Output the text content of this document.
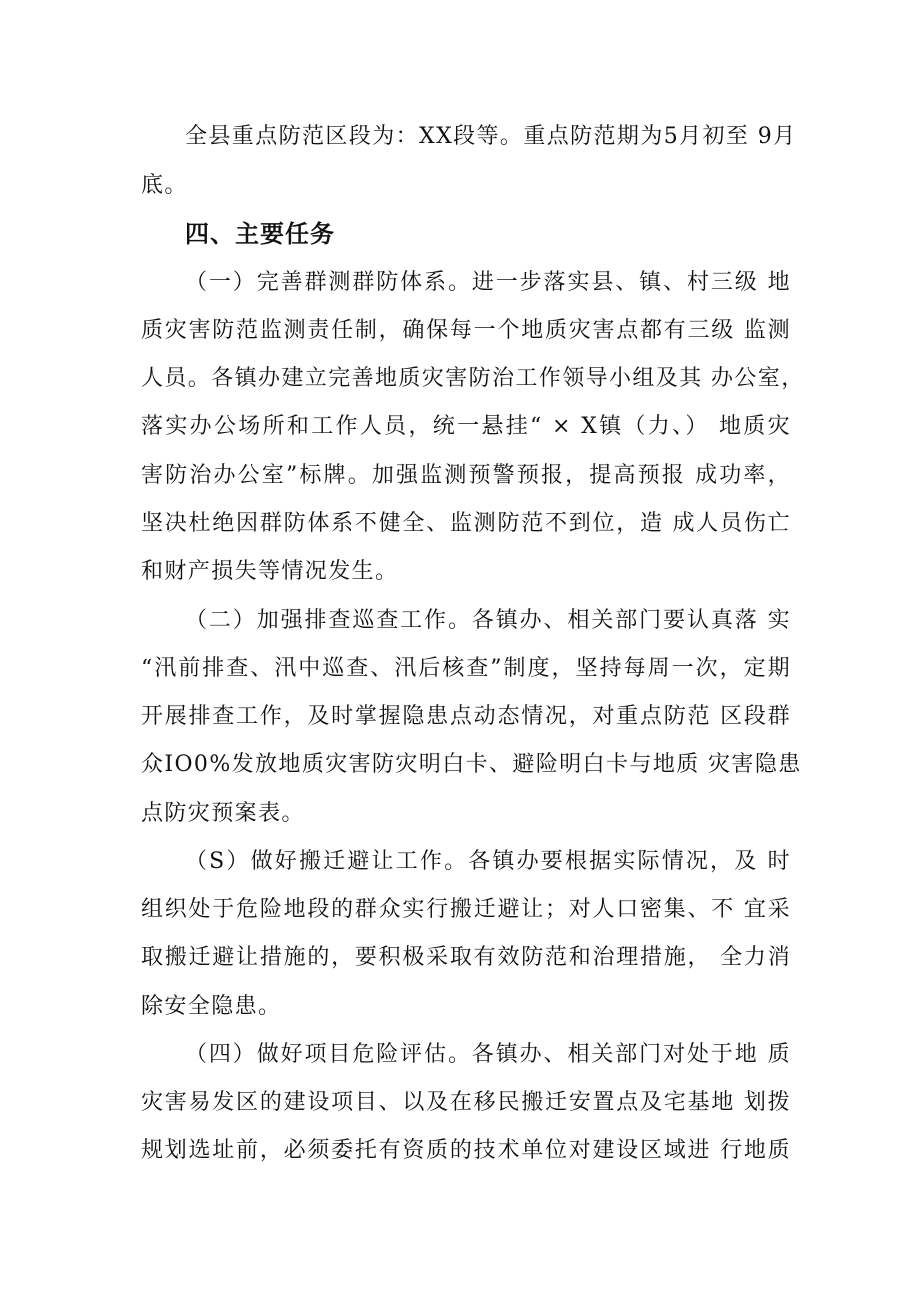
全县重点防范区段为：XX段等。重点防范期为5月初至 9月
底。
四、主要任务
（一）完善群测群防体系。进一步落实县、镇、村三级 地
质灾害防范监测责任制，确保每一个地质灾害点都有三级 监测
人员。各镇办建立完善地质灾害防治工作领导小组及其 办公室，
落实办公场所和工作人员，统一悬挂“ × X镇（力、） 地质灾
害防治办公室”标牌。加强监测预警预报，提高预报 成功率，
坚决杜绝因群防体系不健全、监测防范不到位，造 成人员伤亡
和财产损失等情况发生。
（二）加强排查巡查工作。各镇办、相关部门要认真落 实
“汛前排查、汛中巡查、汛后核查”制度，坚持每周一次，定期
开展排查工作，及时掌握隐患点动态情况，对重点防范 区段群
众IO0%发放地质灾害防灾明白卡、避险明白卡与地质 灾害隐患
点防灾预案表。
（S）做好搬迁避让工作。各镇办要根据实际情况，及 时
组织处于危险地段的群众实行搬迁避让；对人口密集、不 宜采
取搬迁避让措施的，要积极采取有效防范和治理措施， 全力消
除安全隐患。
（四）做好项目危险评估。各镇办、相关部门对处于地 质
灾害易发区的建设项目、以及在移民搬迁安置点及宅基地 划拨
规划选址前，必须委托有资质的技术单位对建设区域进 行地质
